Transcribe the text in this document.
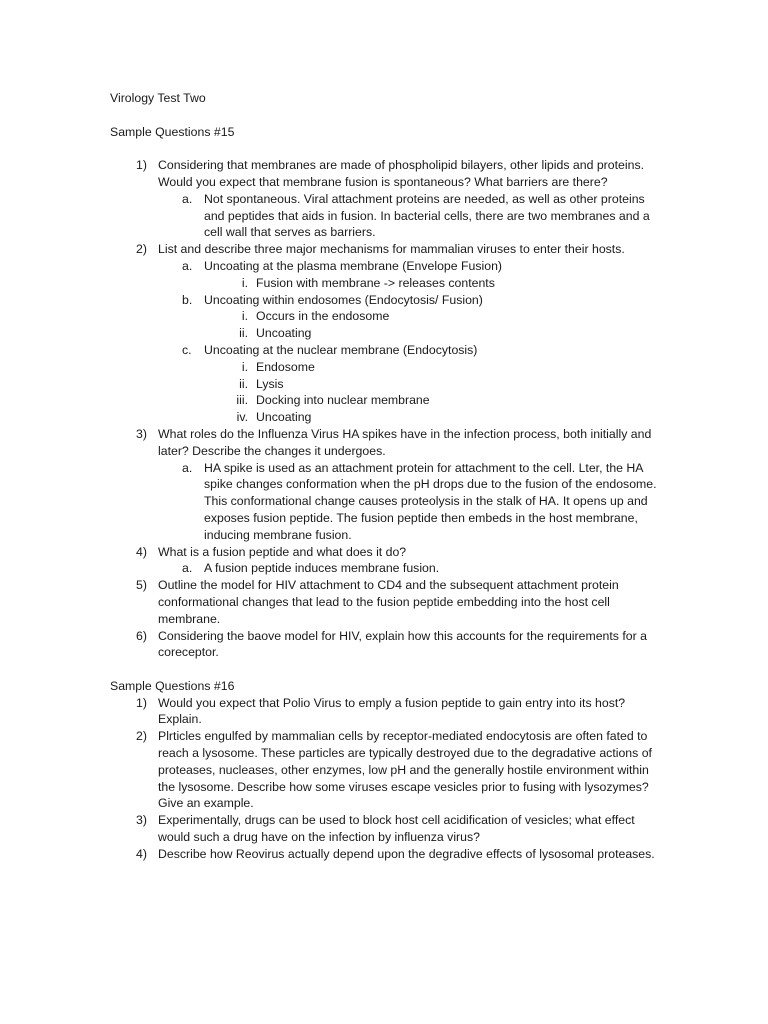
Virology Test Two

Sample Questions #15

1) Considering that membranes are made of phospholipid bilayers, other lipids and proteins. Would you expect that membrane fusion is spontaneous? What barriers are there?
a. Not spontaneous. Viral attachment proteins are needed, as well as other proteins and peptides that aids in fusion. In bacterial cells, there are two membranes and a cell wall that serves as barriers.
2) List and describe three major mechanisms for mammalian viruses to enter their hosts.
a. Uncoating at the plasma membrane (Envelope Fusion)
i. Fusion with membrane -> releases contents
b. Uncoating within endosomes (Endocytosis/ Fusion)
i. Occurs in the endosome
ii. Uncoating
c.	Uncoating at the nuclear membrane (Endocytosis)
i. Endosome
ii. Lysis
iii. Docking into nuclear membrane
iv. Uncoating
3) What roles do the Influenza Virus HA spikes have in the infection process, both initially and later? Describe the changes it undergoes.
a. HA spike is used as an attachment protein for attachment to the cell. Lter, the HA spike changes conformation when the pH drops due to the fusion of the endosome. This conformational change causes proteolysis in the stalk of HA. It opens up and exposes fusion peptide. The fusion peptide then embeds in the host membrane, inducing membrane fusion.
4) What is a fusion peptide and what does it do?
a. A fusion peptide induces membrane fusion.
5) Outline the model for HIV attachment to CD4 and the subsequent attachment protein conformational changes that lead to the fusion peptide embedding into the host cell membrane.
6) Considering the baove model for HIV, explain how this accounts for the requirements for a coreceptor.

Sample Questions #16

1) Would you expect that Polio Virus to emply a fusion peptide to gain entry into its host? Explain.
2) Plrticles engulfed by mammalian cells by receptor-mediated endocytosis are often fated to reach a lysosome. These particles are typically destroyed due to the degradative actions of proteases, nucleases, other enzymes, low pH and the generally hostile environment within the lysosome. Describe how some viruses escape vesicles prior to fusing with lysozymes? Give an example.
3) Experimentally, drugs can be used to block host cell acidification of vesicles; what effect would such a drug have on the infection by influenza virus?
4) Describe how Reovirus actually depend upon the degradive effects of lysosomal proteases.
